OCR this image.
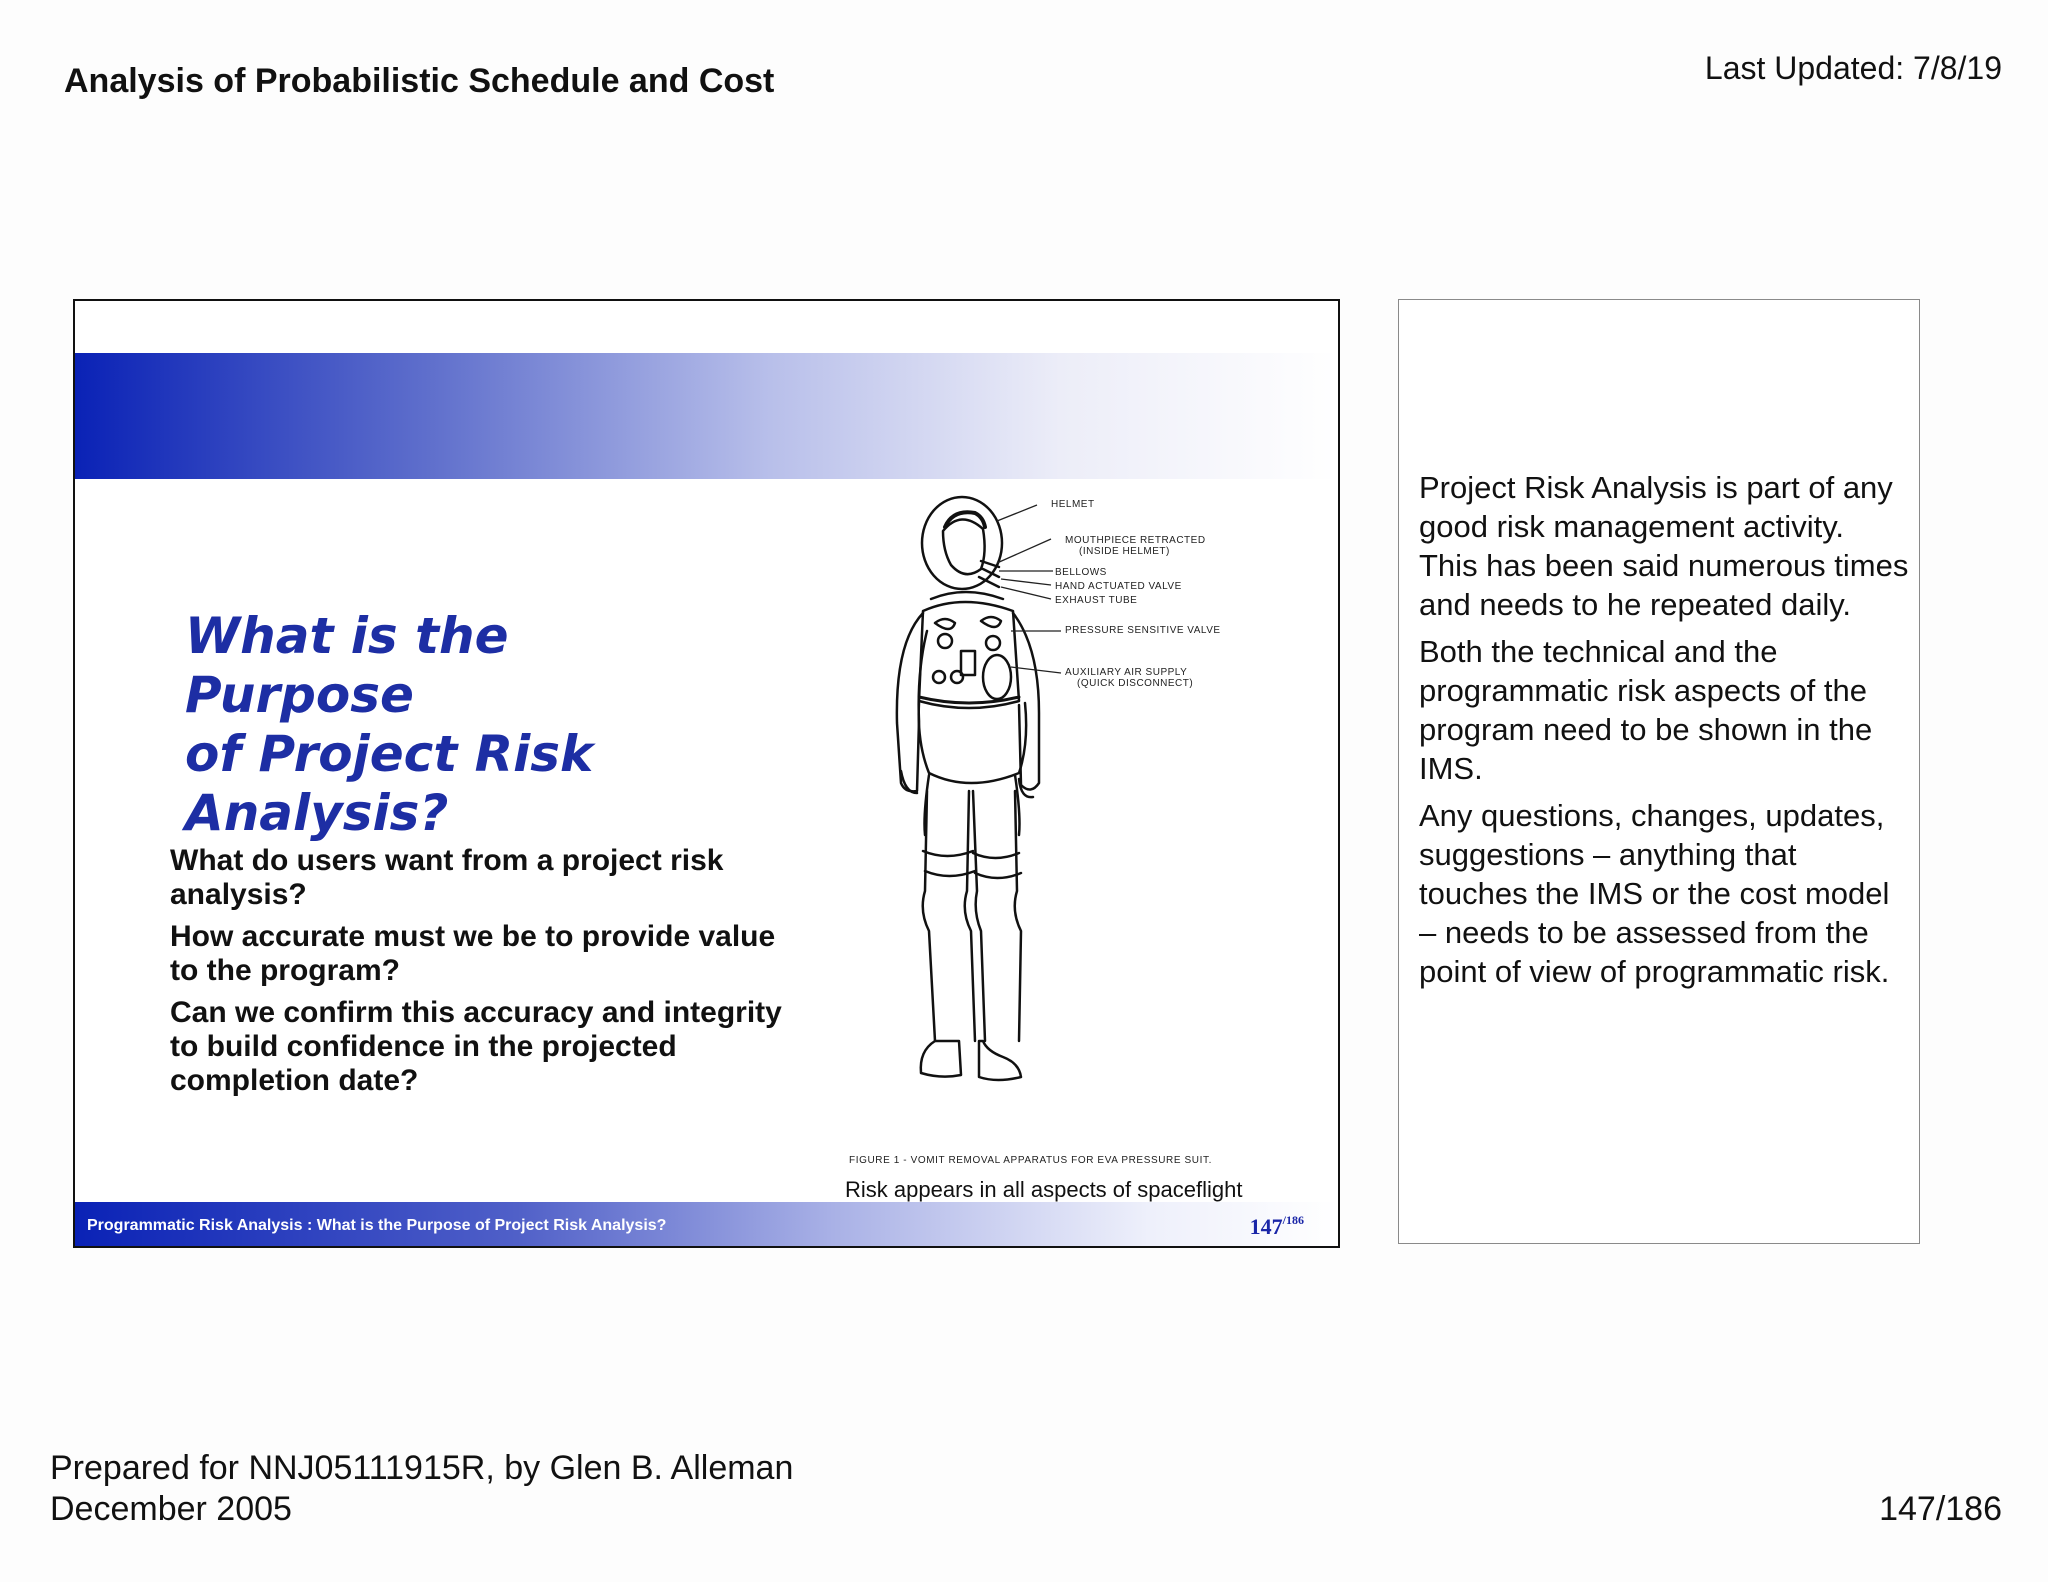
Analysis of Probabilistic Schedule and Cost	Last Updated: 7/8/19
What is the Purpose
of Project Risk
Analysis?

What do users want from a project risk analysis?

How accurate must we be to provide value to the program?

Can we confirm this accuracy and integrity to build confidence in the projected completion date?

HELMET
MOUTHPIECE RETRACTED
(INSIDE HELMET)
BELLOWS
HAND ACTUATED VALVE
EXHAUST TUBE
PRESSURE SENSITIVE VALVE
AUXILIARY AIR SUPPLY
(QUICK DISCONNECT)
FIGURE 1 - VOMIT REMOVAL APPARATUS FOR EVA PRESSURE SUIT.
Risk appears in all aspects of spaceflight
Programmatic Risk Analysis : What is the Purpose of Project Risk Analysis?	$147^{/186}$

Project Risk Analysis is part of any good risk management activity. This has been said numerous times and needs to he repeated daily.

Both the technical and the programmatic risk aspects of the program need to be shown in the IMS.

Any questions, changes, updates, suggestions – anything that touches the IMS or the cost model – needs to be assessed from the point of view of programmatic risk.

Prepared for NNJ05111915R, by Glen B. Alleman
December 2005	147/186
